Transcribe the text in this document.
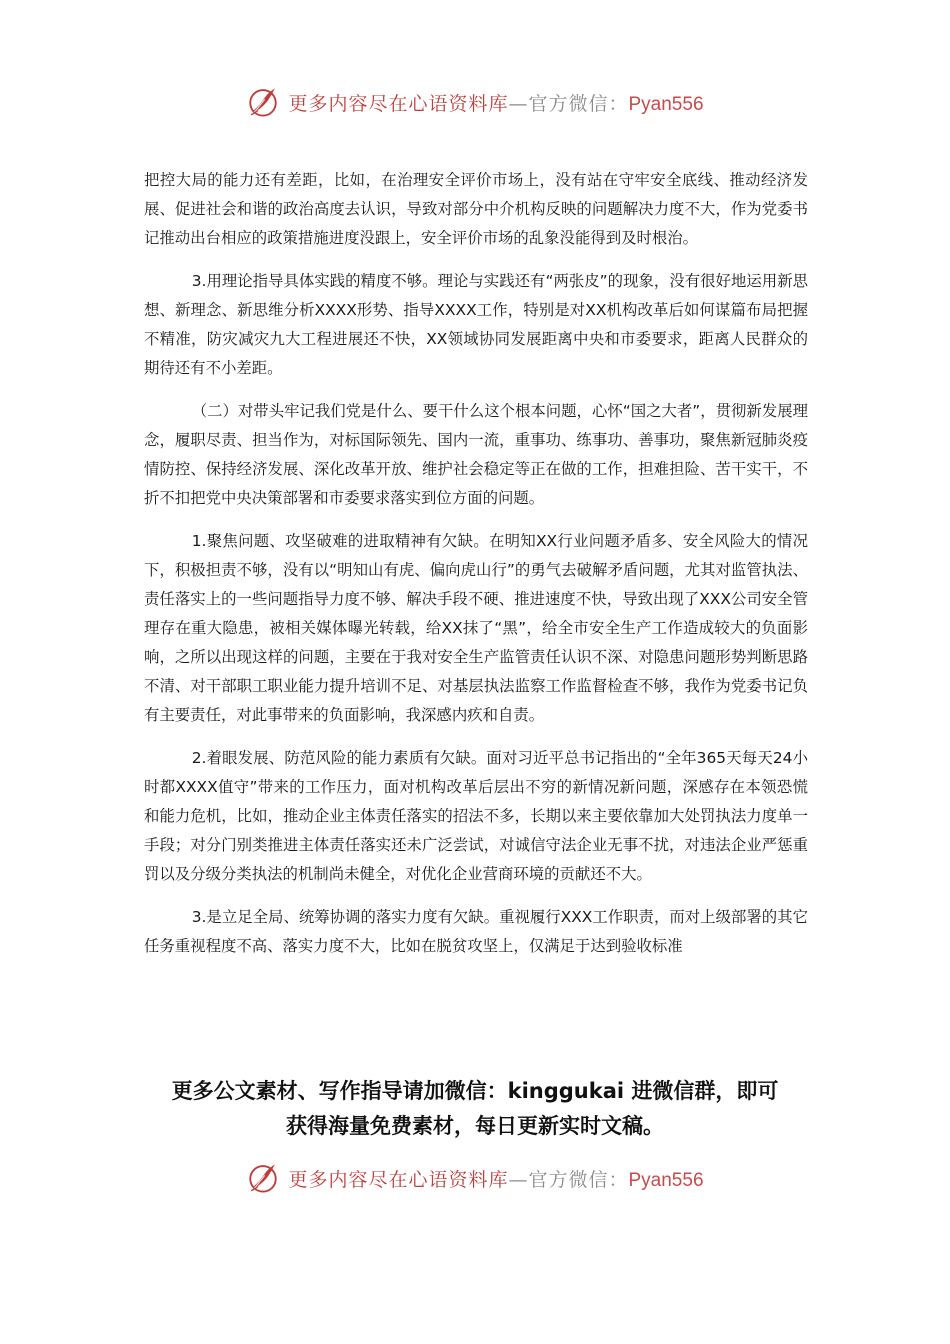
更多内容尽在心语资料库—官方微信：Pyan556

把控大局的能力还有差距，比如，在治理安全评价市场上，没有站在守牢安全底线、推动经济发展、促进社会和谐的政治高度去认识，导致对部分中介机构反映的问题解决力度不大，作为党委书记推动出台相应的政策措施进度没跟上，安全评价市场的乱象没能得到及时根治。

3.用理论指导具体实践的精度不够。理论与实践还有“两张皮”的现象，没有很好地运用新思想、新理念、新思维分析XXXX形势、指导XXXX工作，特别是对XX机构改革后如何谋篇布局把握不精准，防灾减灾九大工程进展还不快，XX领域协同发展距离中央和市委要求，距离人民群众的期待还有不小差距。

（二）对带头牢记我们党是什么、要干什么这个根本问题，心怀“国之大者”，贯彻新发展理念，履职尽责、担当作为，对标国际领先、国内一流，重事功、练事功、善事功，聚焦新冠肺炎疫情防控、保持经济发展、深化改革开放、维护社会稳定等正在做的工作，担难担险、苦干实干，不折不扣把党中央决策部署和市委要求落实到位方面的问题。

1.聚焦问题、攻坚破难的进取精神有欠缺。在明知XX行业问题矛盾多、安全风险大的情况下，积极担责不够，没有以“明知山有虎、偏向虎山行”的勇气去破解矛盾问题，尤其对监管执法、责任落实上的一些问题指导力度不够、解决手段不硬、推进速度不快，导致出现了XXX公司安全管理存在重大隐患，被相关媒体曝光转载，给XX抹了“黑”，给全市安全生产工作造成较大的负面影响，之所以出现这样的问题，主要在于我对安全生产监管责任认识不深、对隐患问题形势判断思路不清、对干部职工职业能力提升培训不足、对基层执法监察工作监督检查不够，我作为党委书记负有主要责任，对此事带来的负面影响，我深感内疚和自责。

2.着眼发展、防范风险的能力素质有欠缺。面对习近平总书记指出的“全年365天每天24小时都XXXX值守”带来的工作压力，面对机构改革后层出不穷的新情况新问题，深感存在本领恐慌和能力危机，比如，推动企业主体责任落实的招法不多，长期以来主要依靠加大处罚执法力度单一手段；对分门别类推进主体责任落实还未广泛尝试，对诚信守法企业无事不扰，对违法企业严惩重罚以及分级分类执法的机制尚未健全，对优化企业营商环境的贡献还不大。

3.是立足全局、统筹协调的落实力度有欠缺。重视履行XXX工作职责，而对上级部署的其它任务重视程度不高、落实力度不大，比如在脱贫攻坚上，仅满足于达到验收标准

更多公文素材、写作指导请加微信：kinggukai 进微信群，即可
获得海量免费素材，每日更新实时文稿。
更多内容尽在心语资料库—官方微信：Pyan556
